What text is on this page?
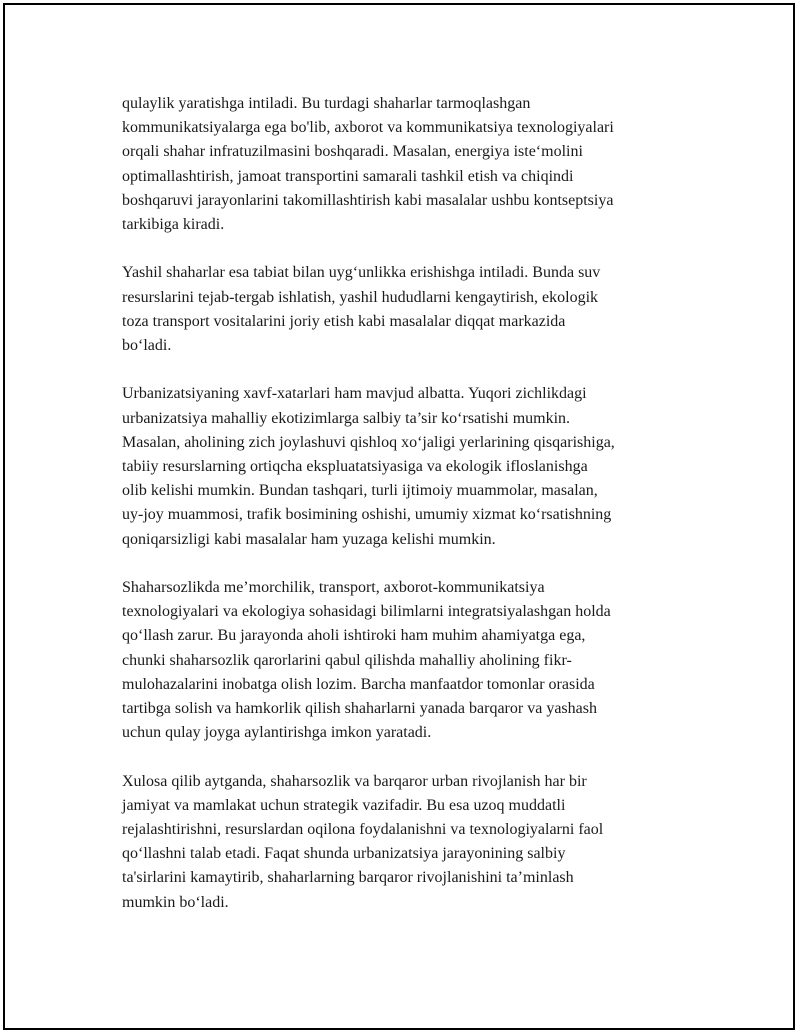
qulaylik yaratishga intiladi. Bu turdagi shaharlar tarmoqlashgan
kommunikatsiyalarga ega bo'lib, axborot va kommunikatsiya texnologiyalari
orqali shahar infratuzilmasini boshqaradi. Masalan, energiya iste‘molini
optimallashtirish, jamoat transportini samarali tashkil etish va chiqindi
boshqaruvi jarayonlarini takomillashtirish kabi masalalar ushbu kontseptsiya
tarkibiga kiradi.

Yashil shaharlar esa tabiat bilan uyg‘unlikka erishishga intiladi. Bunda suv
resurslarini tejab-tergab ishlatish, yashil hududlarni kengaytirish, ekologik
toza transport vositalarini joriy etish kabi masalalar diqqat markazida
bo‘ladi.

Urbanizatsiyaning xavf-xatarlari ham mavjud albatta. Yuqori zichlikdagi
urbanizatsiya mahalliy ekotizimlarga salbiy ta’sir ko‘rsatishi mumkin.
Masalan, aholining zich joylashuvi qishloq xo‘jaligi yerlarining qisqarishiga,
tabiiy resurslarning ortiqcha ekspluatatsiyasiga va ekologik ifloslanishga
olib kelishi mumkin. Bundan tashqari, turli ijtimoiy muammolar, masalan,
uy-joy muammosi, trafik bosimining oshishi, umumiy xizmat ko‘rsatishning
qoniqarsizligi kabi masalalar ham yuzaga kelishi mumkin.

Shaharsozlikda me’morchilik, transport, axborot-kommunikatsiya
texnologiyalari va ekologiya sohasidagi bilimlarni integratsiyalashgan holda
qo‘llash zarur. Bu jarayonda aholi ishtiroki ham muhim ahamiyatga ega,
chunki shaharsozlik qarorlarini qabul qilishda mahalliy aholining fikr-
mulohazalarini inobatga olish lozim. Barcha manfaatdor tomonlar orasida
tartibga solish va hamkorlik qilish shaharlarni yanada barqaror va yashash
uchun qulay joyga aylantirishga imkon yaratadi.

Xulosa qilib aytganda, shaharsozlik va barqaror urban rivojlanish har bir
jamiyat va mamlakat uchun strategik vazifadir. Bu esa uzoq muddatli
rejalashtirishni, resurslardan oqilona foydalanishni va texnologiyalarni faol
qo‘llashni talab etadi. Faqat shunda urbanizatsiya jarayonining salbiy
ta'sirlarini kamaytirib, shaharlarning barqaror rivojlanishini ta’minlash
mumkin bo‘ladi.
